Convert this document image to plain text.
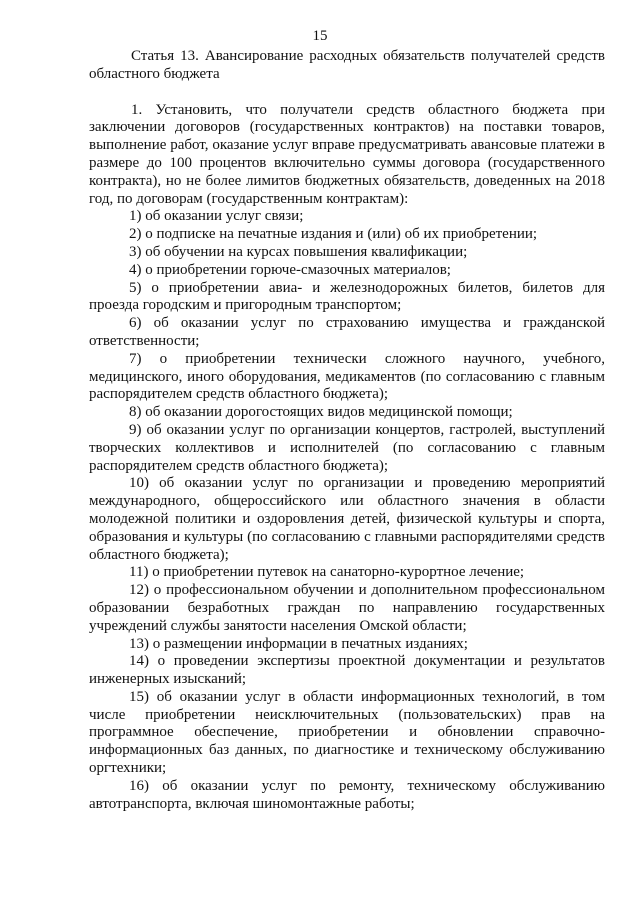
15

Статья 13. Авансирование расходных обязательств получателей средств областного бюджета

1. Установить, что получатели средств областного бюджета при заключении договоров (государственных контрактов) на поставки товаров, выполнение работ, оказание услуг вправе предусматривать авансовые платежи в размере до 100 процентов включительно суммы договора (государственного контракта), но не более лимитов бюджетных обязательств, доведенных на 2018 год, по договорам (государственным контрактам):

1) об оказании услуг связи;

2) о подписке на печатные издания и (или) об их приобретении;

3) об обучении на курсах повышения квалификации;

4) о приобретении горюче-смазочных материалов;

5) о приобретении авиа- и железнодорожных билетов, билетов для проезда городским и пригородным транспортом;

6) об оказании услуг по страхованию имущества и гражданской ответственности;

7) о приобретении технически сложного научного, учебного, медицинского, иного оборудования, медикаментов (по согласованию с главным распорядителем средств областного бюджета);

8) об оказании дорогостоящих видов медицинской помощи;

9) об оказании услуг по организации концертов, гастролей, выступлений творческих коллективов и исполнителей (по согласованию с главным распорядителем средств областного бюджета);

10) об оказании услуг по организации и проведению мероприятий международного, общероссийского или областного значения в области молодежной политики и оздоровления детей, физической культуры и спорта, образования и культуры (по согласованию с главными распорядителями средств областного бюджета);

11) о приобретении путевок на санаторно-курортное лечение;

12) о профессиональном обучении и дополнительном профессиональном образовании безработных граждан по направлению государственных учреждений службы занятости населения Омской области;

13) о размещении информации в печатных изданиях;

14) о проведении экспертизы проектной документации и результатов инженерных изысканий;

15) об оказании услуг в области информационных технологий, в том числе приобретении неисключительных (пользовательских) прав на программное обеспечение, приобретении и обновлении справочно-информационных баз данных, по диагностике и техническому обслуживанию оргтехники;

16) об оказании услуг по ремонту, техническому обслуживанию автотранспорта, включая шиномонтажные работы;
